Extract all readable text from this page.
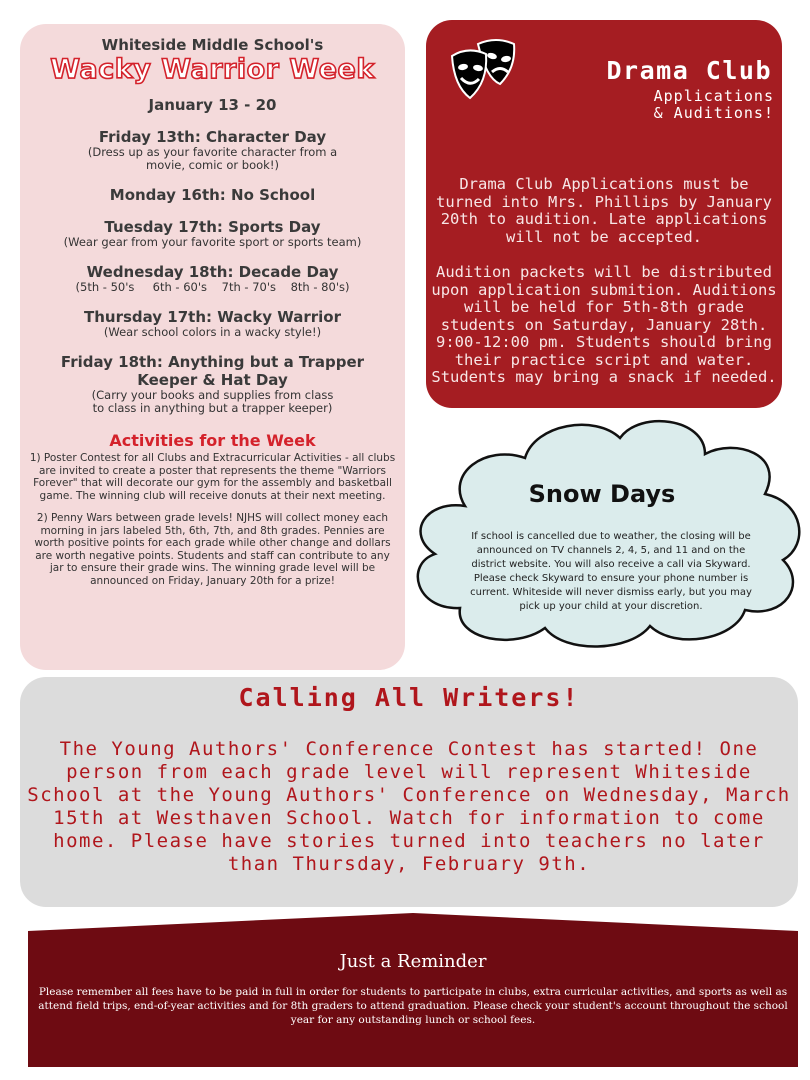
Whiteside Middle School's
Wacky Warrior Week
January 13 - 20
Friday 13th: Character Day
(Dress up as your favorite character from a movie, comic or book!)
Monday 16th: No School
Tuesday 17th: Sports Day
(Wear gear from your favorite sport or sports team)
Wednesday 18th: Decade Day
(5th - 50's     6th - 60's    7th - 70's    8th - 80's)
Thursday 17th: Wacky Warrior
(Wear school colors in a wacky style!)
Friday 18th: Anything but a Trapper Keeper & Hat Day
(Carry your books and supplies from class to class in anything but a trapper keeper)
Activities for the Week
1) Poster Contest for all Clubs and Extracurricular Activities - all clubs are invited to create a poster that represents the theme "Warriors Forever" that will decorate our gym for the assembly and basketball game. The winning club will receive donuts at their next meeting.
2) Penny Wars between grade levels! NJHS will collect money each morning in jars labeled 5th, 6th, 7th, and 8th grades. Pennies are worth positive points for each grade while other change and dollars are worth negative points. Students and staff can contribute to any jar to ensure their grade wins. The winning grade level will be announced on Friday, January 20th for a prize!
Drama Club
Applications
& Auditions!

Drama Club Applications must be turned into Mrs. Phillips by January 20th to audition. Late applications will not be accepted.

Audition packets will be distributed upon application submition. Auditions will be held for 5th-8th grade students on Saturday, January 28th. 9:00-12:00 pm. Students should bring their practice script and water. Students may bring a snack if needed.

Snow Days
If school is cancelled due to weather, the closing will be announced on TV channels 2, 4, 5, and 11 and on the district website. You will also receive a call via Skyward. Please check Skyward to ensure your phone number is current. Whiteside will never dismiss early, but you may pick up your child at your discretion.
Calling All Writers!
The Young Authors' Conference Contest has started! One person from each grade level will represent Whiteside School at the Young Authors' Conference on Wednesday, March 15th at Westhaven School. Watch for information to come home. Please have stories turned into teachers no later than Thursday, February 9th.
Just a Reminder
Please remember all fees have to be paid in full in order for students to participate in clubs, extra curricular activities, and sports as well as attend field trips, end-of-year activities and for 8th graders to attend graduation. Please check your student's account throughout the school year for any outstanding lunch or school fees.
